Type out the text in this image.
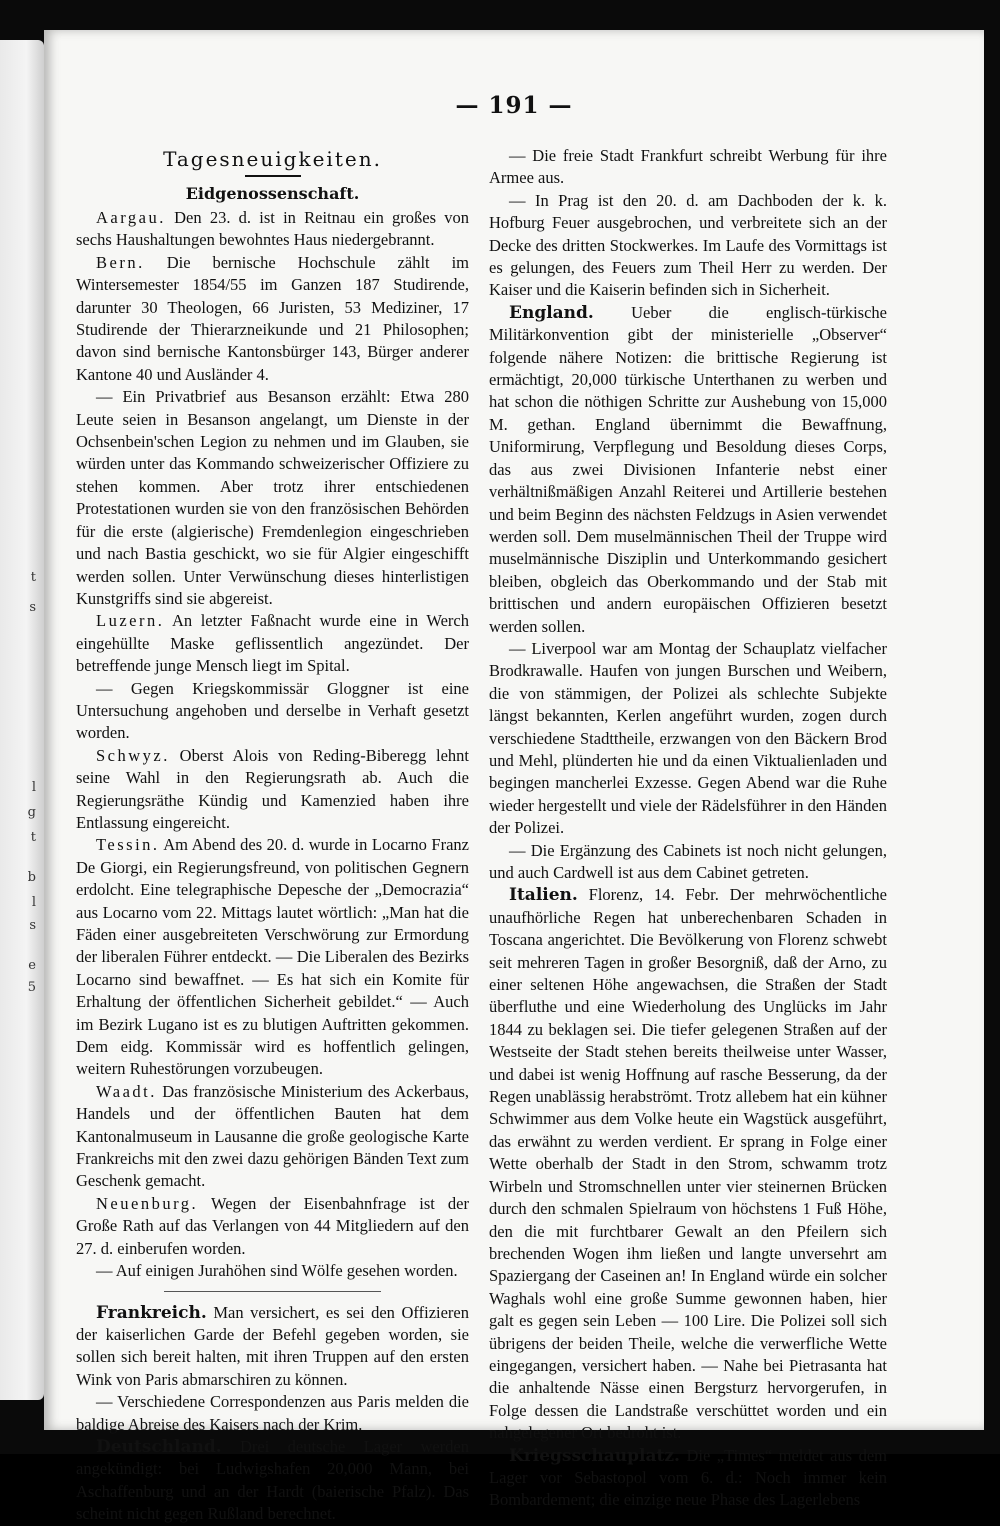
t
s
l
g
t
b
l
s
e
5
— 191 —
Tagesneuigkeiten.
Eidgenossenschaft.

Aargau. Den 23. d. ist in Reitnau ein großes von sechs Haushaltungen bewohntes Haus niedergebrannt.

Bern. Die bernische Hochschule zählt im Wintersemester 1854/55 im Ganzen 187 Studirende, darunter 30 Theologen, 66 Juristen, 53 Mediziner, 17 Studirende der Thierarzneikunde und 21 Philosophen; davon sind bernische Kantonsbürger 143, Bürger anderer Kantone 40 und Ausländer 4.

— Ein Privatbrief aus Besanson erzählt: Etwa 280 Leute seien in Besanson angelangt, um Dienste in der Ochsenbein'schen Legion zu nehmen und im Glauben, sie würden unter das Kommando schweizerischer Offiziere zu stehen kommen. Aber trotz ihrer entschiedenen Protestationen wurden sie von den französischen Behörden für die erste (algierische) Fremdenlegion eingeschrieben und nach Bastia geschickt, wo sie für Algier eingeschifft werden sollen. Unter Verwünschung dieses hinterlistigen Kunstgriffs sind sie abgereist.

Luzern. An letzter Faßnacht wurde eine in Werch eingehüllte Maske geflissentlich angezündet. Der betreffende junge Mensch liegt im Spital.

— Gegen Kriegskommissär Gloggner ist eine Untersuchung angehoben und derselbe in Verhaft gesetzt worden.

Schwyz. Oberst Alois von Reding-Biberegg lehnt seine Wahl in den Regierungsrath ab. Auch die Regierungsräthe Kündig und Kamenzied haben ihre Entlassung eingereicht.

Tessin. Am Abend des 20. d. wurde in Locarno Franz De Giorgi, ein Regierungsfreund, von politischen Gegnern erdolcht. Eine telegraphische Depesche der „Democrazia“ aus Locarno vom 22. Mittags lautet wörtlich: „Man hat die Fäden einer ausgebreiteten Verschwörung zur Ermordung der liberalen Führer entdeckt. — Die Liberalen des Bezirks Locarno sind bewaffnet. — Es hat sich ein Komite für Erhaltung der öffentlichen Sicherheit gebildet.“ — Auch im Bezirk Lugano ist es zu blutigen Auftritten gekommen. Dem eidg. Kommissär wird es hoffentlich gelingen, weitern Ruhestörungen vorzubeugen.

Waadt. Das französische Ministerium des Ackerbaus, Handels und der öffentlichen Bauten hat dem Kantonalmuseum in Lausanne die große geologische Karte Frankreichs mit den zwei dazu gehörigen Bänden Text zum Geschenk gemacht.

Neuenburg. Wegen der Eisenbahnfrage ist der Große Rath auf das Verlangen von 44 Mitgliedern auf den 27. d. einberufen worden.

— Auf einigen Jurahöhen sind Wölfe gesehen worden.

Frankreich. Man versichert, es sei den Offizieren der kaiserlichen Garde der Befehl gegeben worden, sie sollen sich bereit halten, mit ihren Truppen auf den ersten Wink von Paris abmarschiren zu können.

— Verschiedene Correspondenzen aus Paris melden die baldige Abreise des Kaisers nach der Krim.

Deutschland. Drei deutsche Lager werden angekündigt: bei Ludwigshafen 20,000 Mann, bei Aschaffenburg und an der Hardt (baierische Pfalz). Das scheint nicht gegen Rußland berechnet.

— Die freie Stadt Frankfurt schreibt Werbung für ihre Armee aus.

— In Prag ist den 20. d. am Dachboden der k. k. Hofburg Feuer ausgebrochen, und verbreitete sich an der Decke des dritten Stockwerkes. Im Laufe des Vormittags ist es gelungen, des Feuers zum Theil Herr zu werden. Der Kaiser und die Kaiserin befinden sich in Sicherheit.

England. Ueber die englisch-türkische Militärkonvention gibt der ministerielle „Observer“ folgende nähere Notizen: die brittische Regierung ist ermächtigt, 20,000 türkische Unterthanen zu werben und hat schon die nöthigen Schritte zur Aushebung von 15,000 M. gethan. England übernimmt die Bewaffnung, Uniformirung, Verpflegung und Besoldung dieses Corps, das aus zwei Divisionen Infanterie nebst einer verhältnißmäßigen Anzahl Reiterei und Artillerie bestehen und beim Beginn des nächsten Feldzugs in Asien verwendet werden soll. Dem muselmännischen Theil der Truppe wird muselmännische Disziplin und Unterkommando gesichert bleiben, obgleich das Oberkommando und der Stab mit brittischen und andern europäischen Offizieren besetzt werden sollen.

— Liverpool war am Montag der Schauplatz vielfacher Brodkrawalle. Haufen von jungen Burschen und Weibern, die von stämmigen, der Polizei als schlechte Subjekte längst bekannten, Kerlen angeführt wurden, zogen durch verschiedene Stadttheile, erzwangen von den Bäckern Brod und Mehl, plünderten hie und da einen Viktualienladen und begingen mancherlei Exzesse. Gegen Abend war die Ruhe wieder hergestellt und viele der Rädelsführer in den Händen der Polizei.

— Die Ergänzung des Cabinets ist noch nicht gelungen, und auch Cardwell ist aus dem Cabinet getreten.

Italien. Florenz, 14. Febr. Der mehrwöchentliche unaufhörliche Regen hat unberechenbaren Schaden in Toscana angerichtet. Die Bevölkerung von Florenz schwebt seit mehreren Tagen in großer Besorgniß, daß der Arno, zu einer seltenen Höhe angewachsen, die Straßen der Stadt überfluthe und eine Wiederholung des Unglücks im Jahr 1844 zu beklagen sei. Die tiefer gelegenen Straßen auf der Westseite der Stadt stehen bereits theilweise unter Wasser, und dabei ist wenig Hoffnung auf rasche Besserung, da der Regen unablässig herabströmt. Trotz allebem hat ein kühner Schwimmer aus dem Volke heute ein Wagstück ausgeführt, das erwähnt zu werden verdient. Er sprang in Folge einer Wette oberhalb der Stadt in den Strom, schwamm trotz Wirbeln und Stromschnellen unter vier steinernen Brücken durch den schmalen Spielraum von höchstens 1 Fuß Höhe, den die mit furchtbarer Gewalt an den Pfeilern sich brechenden Wogen ihm ließen und langte unversehrt am Spaziergang der Caseinen an! In England würde ein solcher Waghals wohl eine große Summe gewonnen haben, hier galt es gegen sein Leben — 100 Lire. Die Polizei soll sich übrigens der beiden Theile, welche die verwerfliche Wette eingegangen, versichert haben. — Nahe bei Pietrasanta hat die anhaltende Nässe einen Bergsturz hervorgerufen, in Folge dessen die Landstraße verschüttet worden und ein nahgelegener Ort bedroht ist.

Kriegsschauplatz. Die „Times“ meldet aus dem Lager vor Sebastopol vom 6. d.: Noch immer kein Bombardement; die einzige neue Phase des Lagerlebens
